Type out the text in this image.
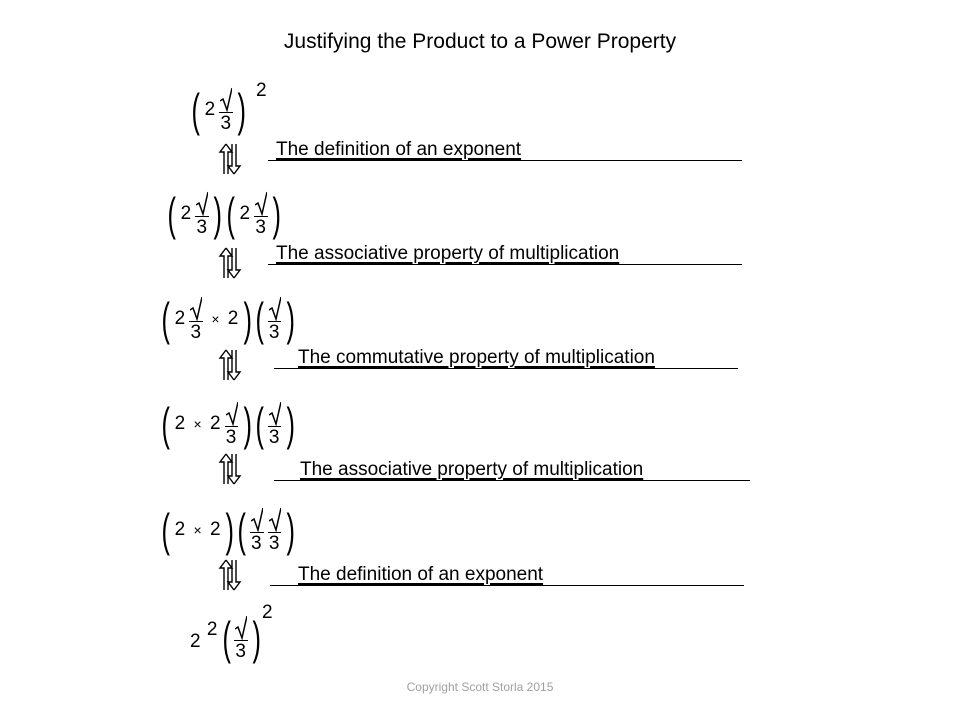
Justifying the Product to a Power Property
( 2
3 ) 2
The definition of an exponent
( 2
3 ) ( 2
3 )
The associative property of multiplication
( 2
3 × 2 ) ( 3 )
The commutative property of multiplication
( 2 × 2
3 ) ( 3 )
The associative property of multiplication
( 2 × 2 ) ( 3 3 )
The definition of an exponent
2 2 ( 3 ) 2
Copyright Scott Storla 2015
